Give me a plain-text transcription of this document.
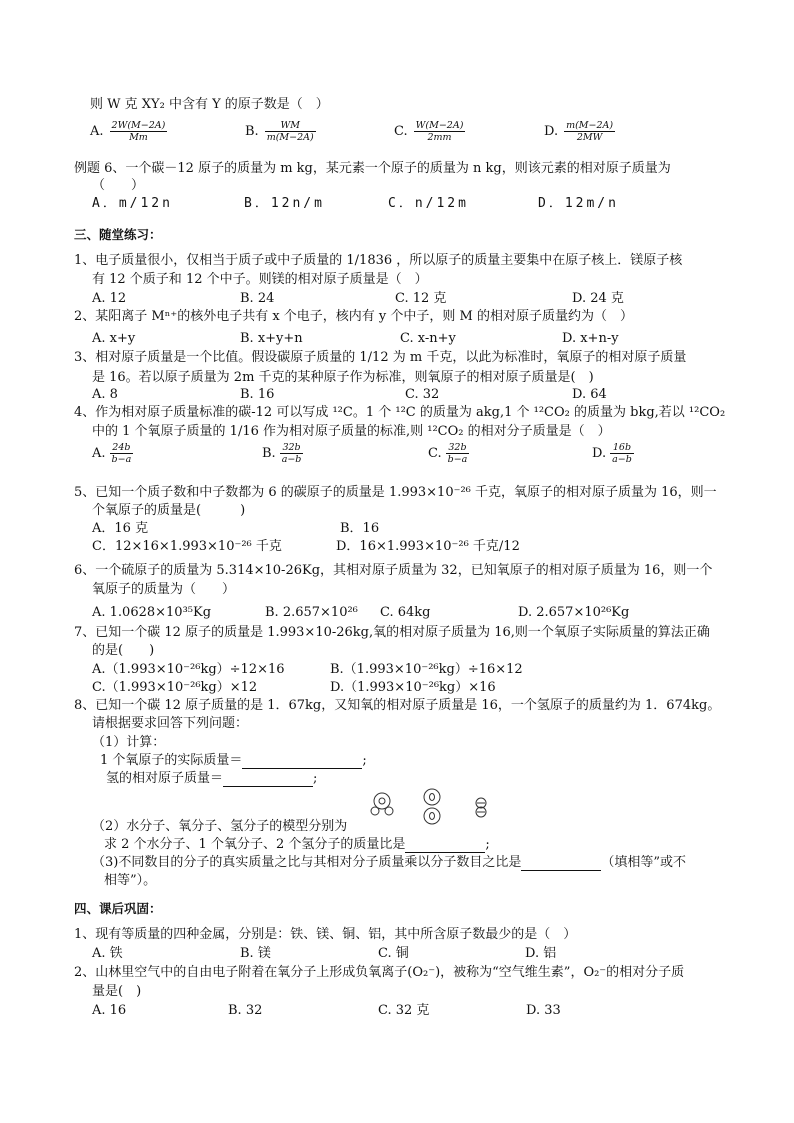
则 W 克 XY₂ 中含有 Y 的原子数是（　）
A. $\frac{2W(M-2A)}{Mm}$	B. $\frac{WM}{m(M-2A)}$	C. $\frac{W(M-2A)}{2mm}$	D. $\frac{m(M-2A)}{2MW}$
例题 6、一个碳－12 原子的质量为 m kg，某元素一个原子的质量为 n kg，则该元素的相对原子质量为
（　　）
A．m/12n	B．12n/m	C．n/12m	D．12m/n
三、随堂练习：
1、电子质量很小，仅相当于质子或中子质量的 1/1836 ，所以原子的质量主要集中在原子核上．镁原子核
有 12 个质子和 12 个中子。则镁的相对原子质量是（　）
A. 12	B. 24	C. 12 克	D. 24 克
2、某阳离子 Mⁿ⁺的核外电子共有 x 个电子，核内有 y 个中子，则 M 的相对原子质量约为（　）
A. x+y	B. x+y+n	C. x-n+y	D. x+n-y
3、相对原子质量是一个比值。假设碳原子质量的 1/12 为 m 千克，以此为标准时，氧原子的相对原子质量
是 16。若以原子质量为 2m 千克的某种原子作为标准，则氧原子的相对原子质量是(　)
A. 8	B. 16	C. 32	D. 64
4、作为相对原子质量标准的碳-12 可以写成 ¹²C。1 个 ¹²C 的质量为 akg,1 个 ¹²CO₂ 的质量为 bkg,若以 ¹²CO₂
中的 1 个氧原子质量的 1/16 作为相对原子质量的标准,则 ¹²CO₂ 的相对分子质量是（　）
A. $\frac{24b}{b-a}$	B. $\frac{32b}{a-b}$	C. $\frac{32b}{b-a}$	D. $\frac{16b}{a-b}$
5、已知一个质子数和中子数都为 6 的碳原子的质量是 1.993×10⁻²⁶ 千克，氧原子的相对原子质量为 16，则一
个氧原子的质量是(　　　)
A．16 克	B．16
C．12×16×1.993×10⁻²⁶ 千克	D．16×1.993×10⁻²⁶ 千克/12
6、一个硫原子的质量为 5.314×10-26Kg，其相对原子质量为 32，已知氧原子的相对原子质量为 16，则一个
氧原子的质量为（　　）
A. 1.0628×10³⁵Kg	B. 2.657×10²⁶ C. 64kg	D. 2.657×10²⁶Kg
7、已知一个碳 12 原子的质量是 1.993×10-26kg,氧的相对原子质量为 16,则一个氧原子实际质量的算法正确
的是(　　)
A.（1.993×10⁻²⁶kg）÷12×16	B.（1.993×10⁻²⁶kg）÷16×12
C.（1.993×10⁻²⁶kg）×12	D.（1.993×10⁻²⁶kg）×16
8、已知一个碳 12 原子质量的是 1．67kg，又知氧的相对原子质量是 16，一个氢原子的质量约为 1．674kg。
请根据要求回答下列问题：
（1）计算：
1 个氧原子的实际质量＝	;
氢的相对原子质量＝	;
（2）水分子、氧分子、氢分子的模型分别为
求 2 个水分子、1 个氧分子、2 个氢分子的质量比是	;
（3)不同数目的分子的真实质量之比与其相对分子质量乘以分子数目之比是	（填相等”或不
相等”）。
四、课后巩固：
1、现有等质量的四种金属，分别是：铁、镁、铜、铝，其中所含原子数最少的是（　）
A. 铁	B. 镁	C. 铜	D. 铝
2、山林里空气中的自由电子附着在氧分子上形成负氧离子(O₂⁻)，被称为“空气维生素”，O₂⁻的相对分子质
量是(　)
A. 16	B. 32	C. 32 克	D. 33
